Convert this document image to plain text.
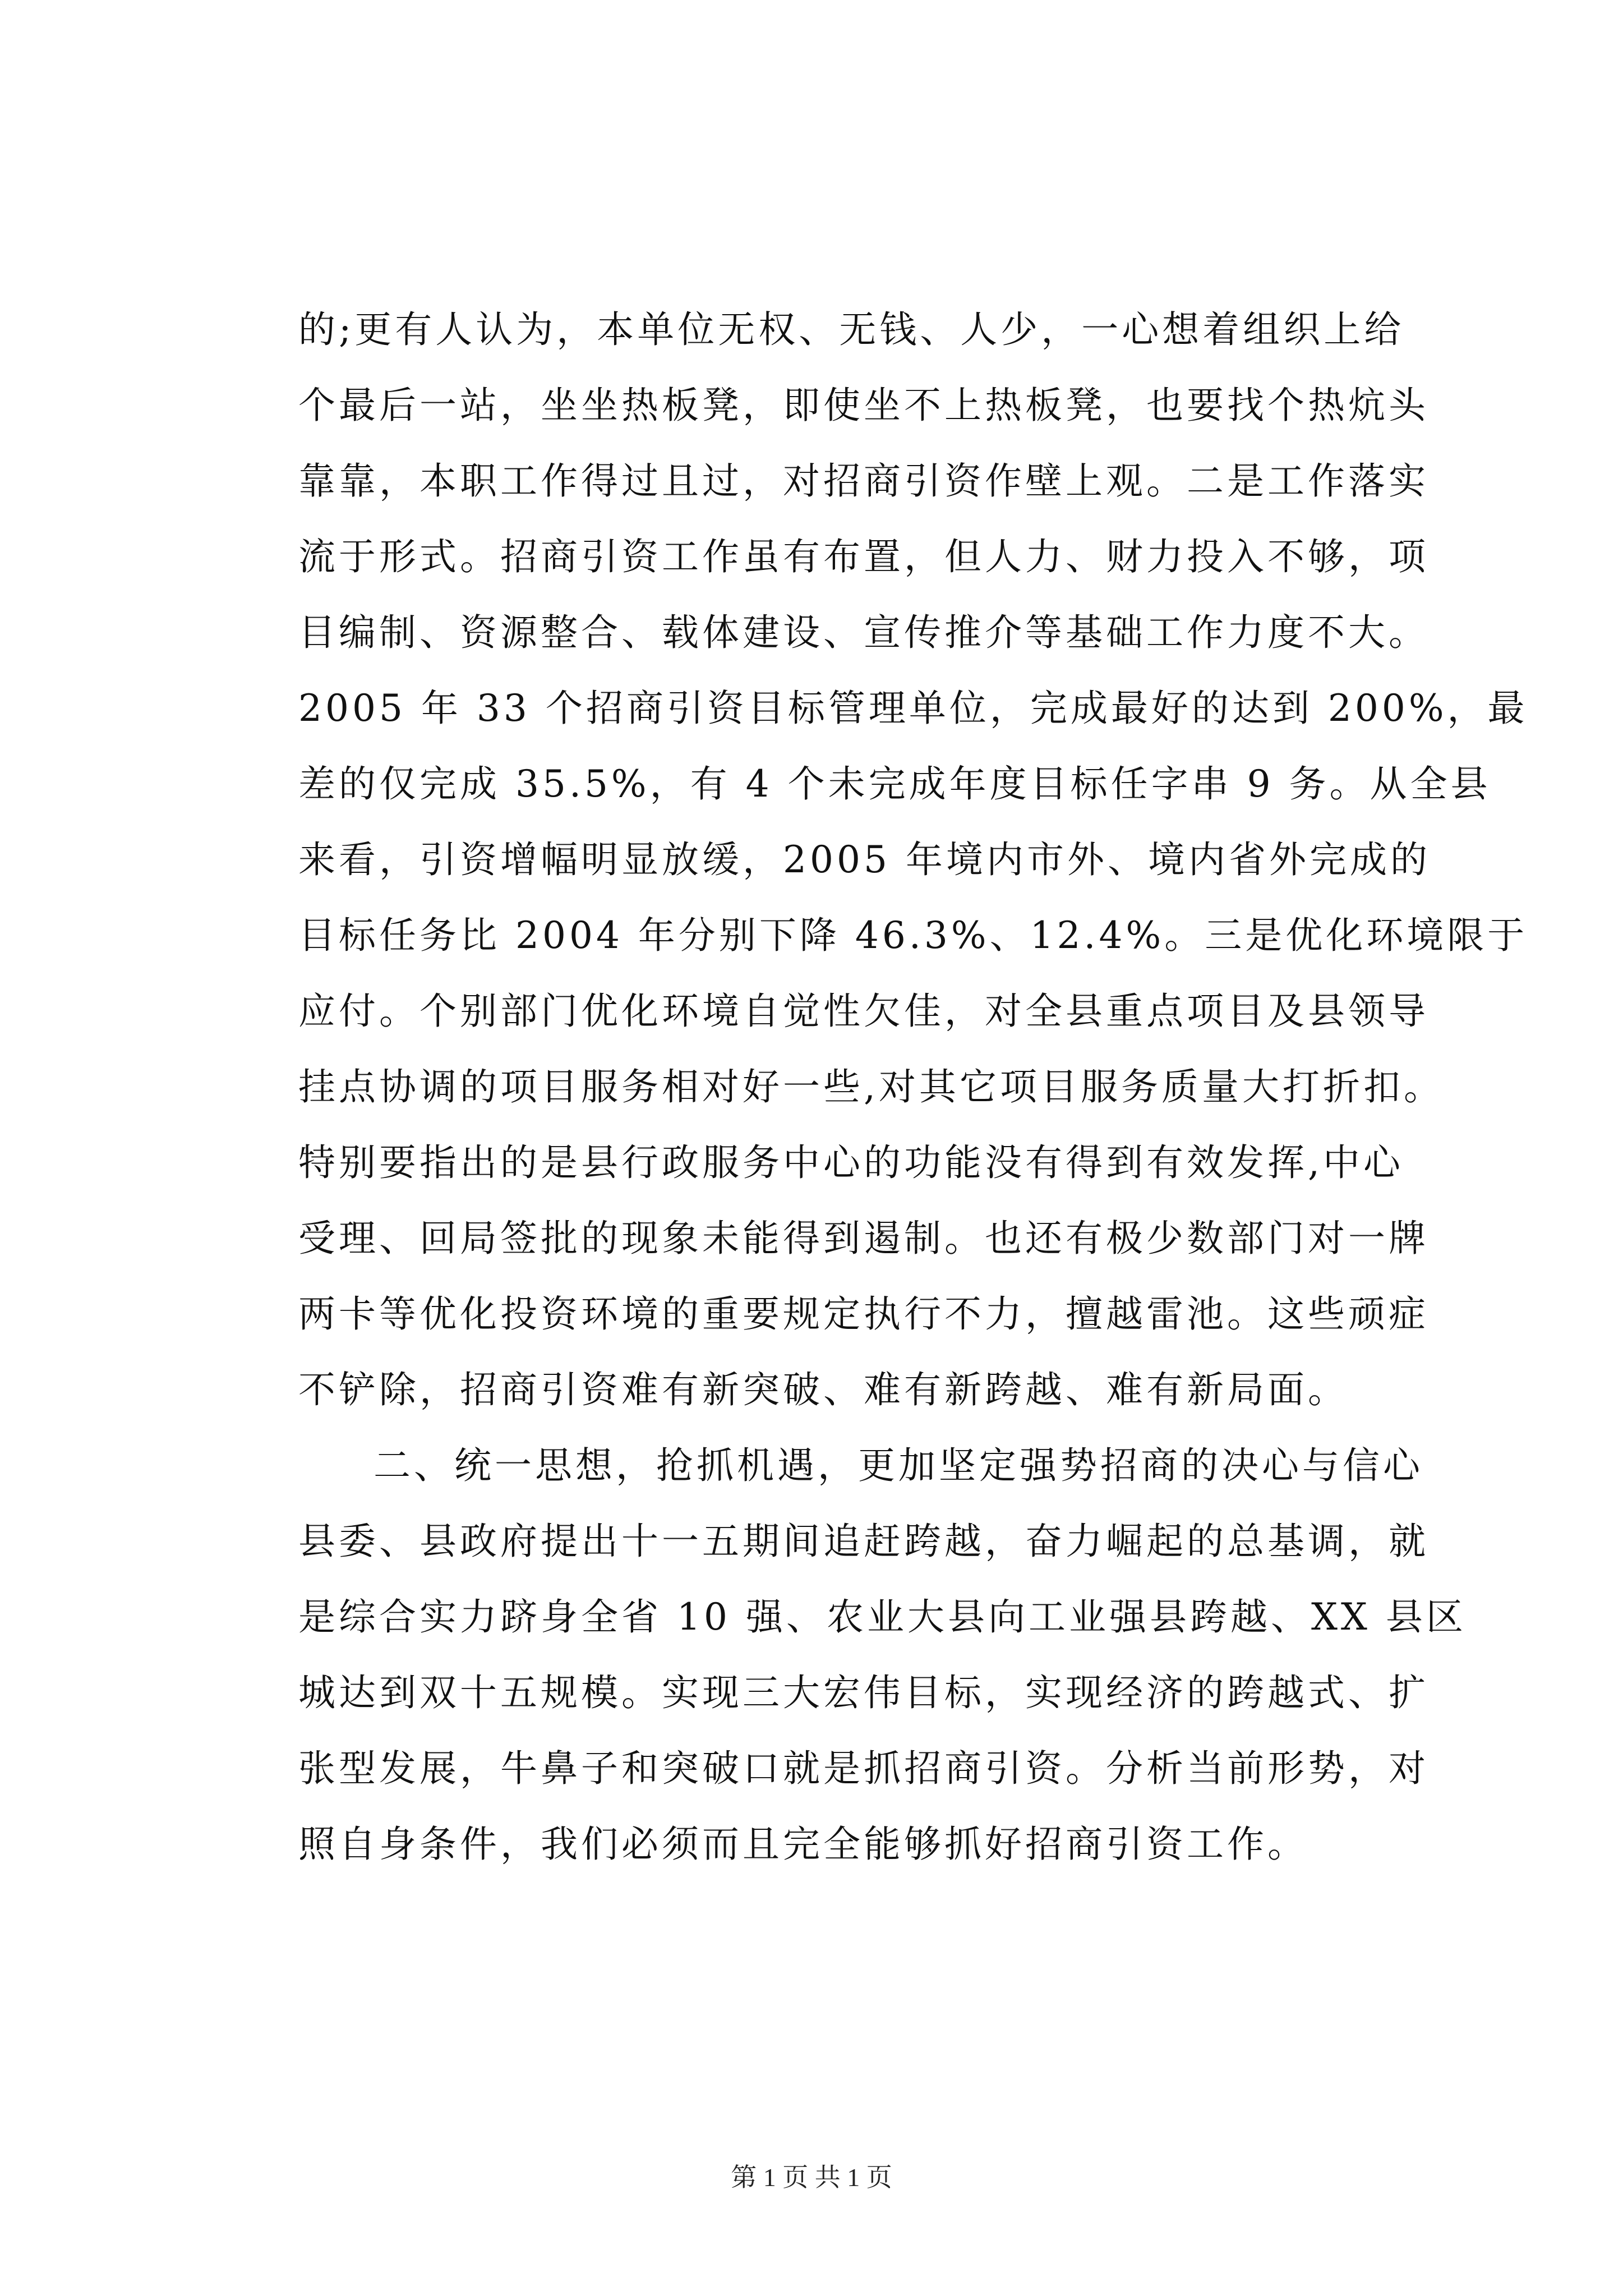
的;更有人认为，本单位无权、无钱、人少，一心想着组织上给
个最后一站，坐坐热板凳，即使坐不上热板凳，也要找个热炕头
靠靠，本职工作得过且过，对招商引资作壁上观。二是工作落实
流于形式。招商引资工作虽有布置，但人力、财力投入不够，项
目编制、资源整合、载体建设、宣传推介等基础工作力度不大。
2005 年 33 个招商引资目标管理单位，完成最好的达到 200%，最
差的仅完成 35.5%，有 4 个未完成年度目标任字串 9 务。从全县
来看，引资增幅明显放缓，2005 年境内市外、境内省外完成的
目标任务比 2004 年分别下降 46.3%、12.4%。三是优化环境限于
应付。个别部门优化环境自觉性欠佳，对全县重点项目及县领导
挂点协调的项目服务相对好一些,对其它项目服务质量大打折扣。
特别要指出的是县行政服务中心的功能没有得到有效发挥,中心
受理、回局签批的现象未能得到遏制。也还有极少数部门对一牌
两卡等优化投资环境的重要规定执行不力，擅越雷池。这些顽症
不铲除，招商引资难有新突破、难有新跨越、难有新局面。
二、统一思想，抢抓机遇，更加坚定强势招商的决心与信心
县委、县政府提出十一五期间追赶跨越，奋力崛起的总基调，就
是综合实力跻身全省 10 强、农业大县向工业强县跨越、XX 县区
城达到双十五规模。实现三大宏伟目标，实现经济的跨越式、扩
张型发展，牛鼻子和突破口就是抓招商引资。分析当前形势，对
照自身条件，我们必须而且完全能够抓好招商引资工作。
第 1 页 共 1 页
